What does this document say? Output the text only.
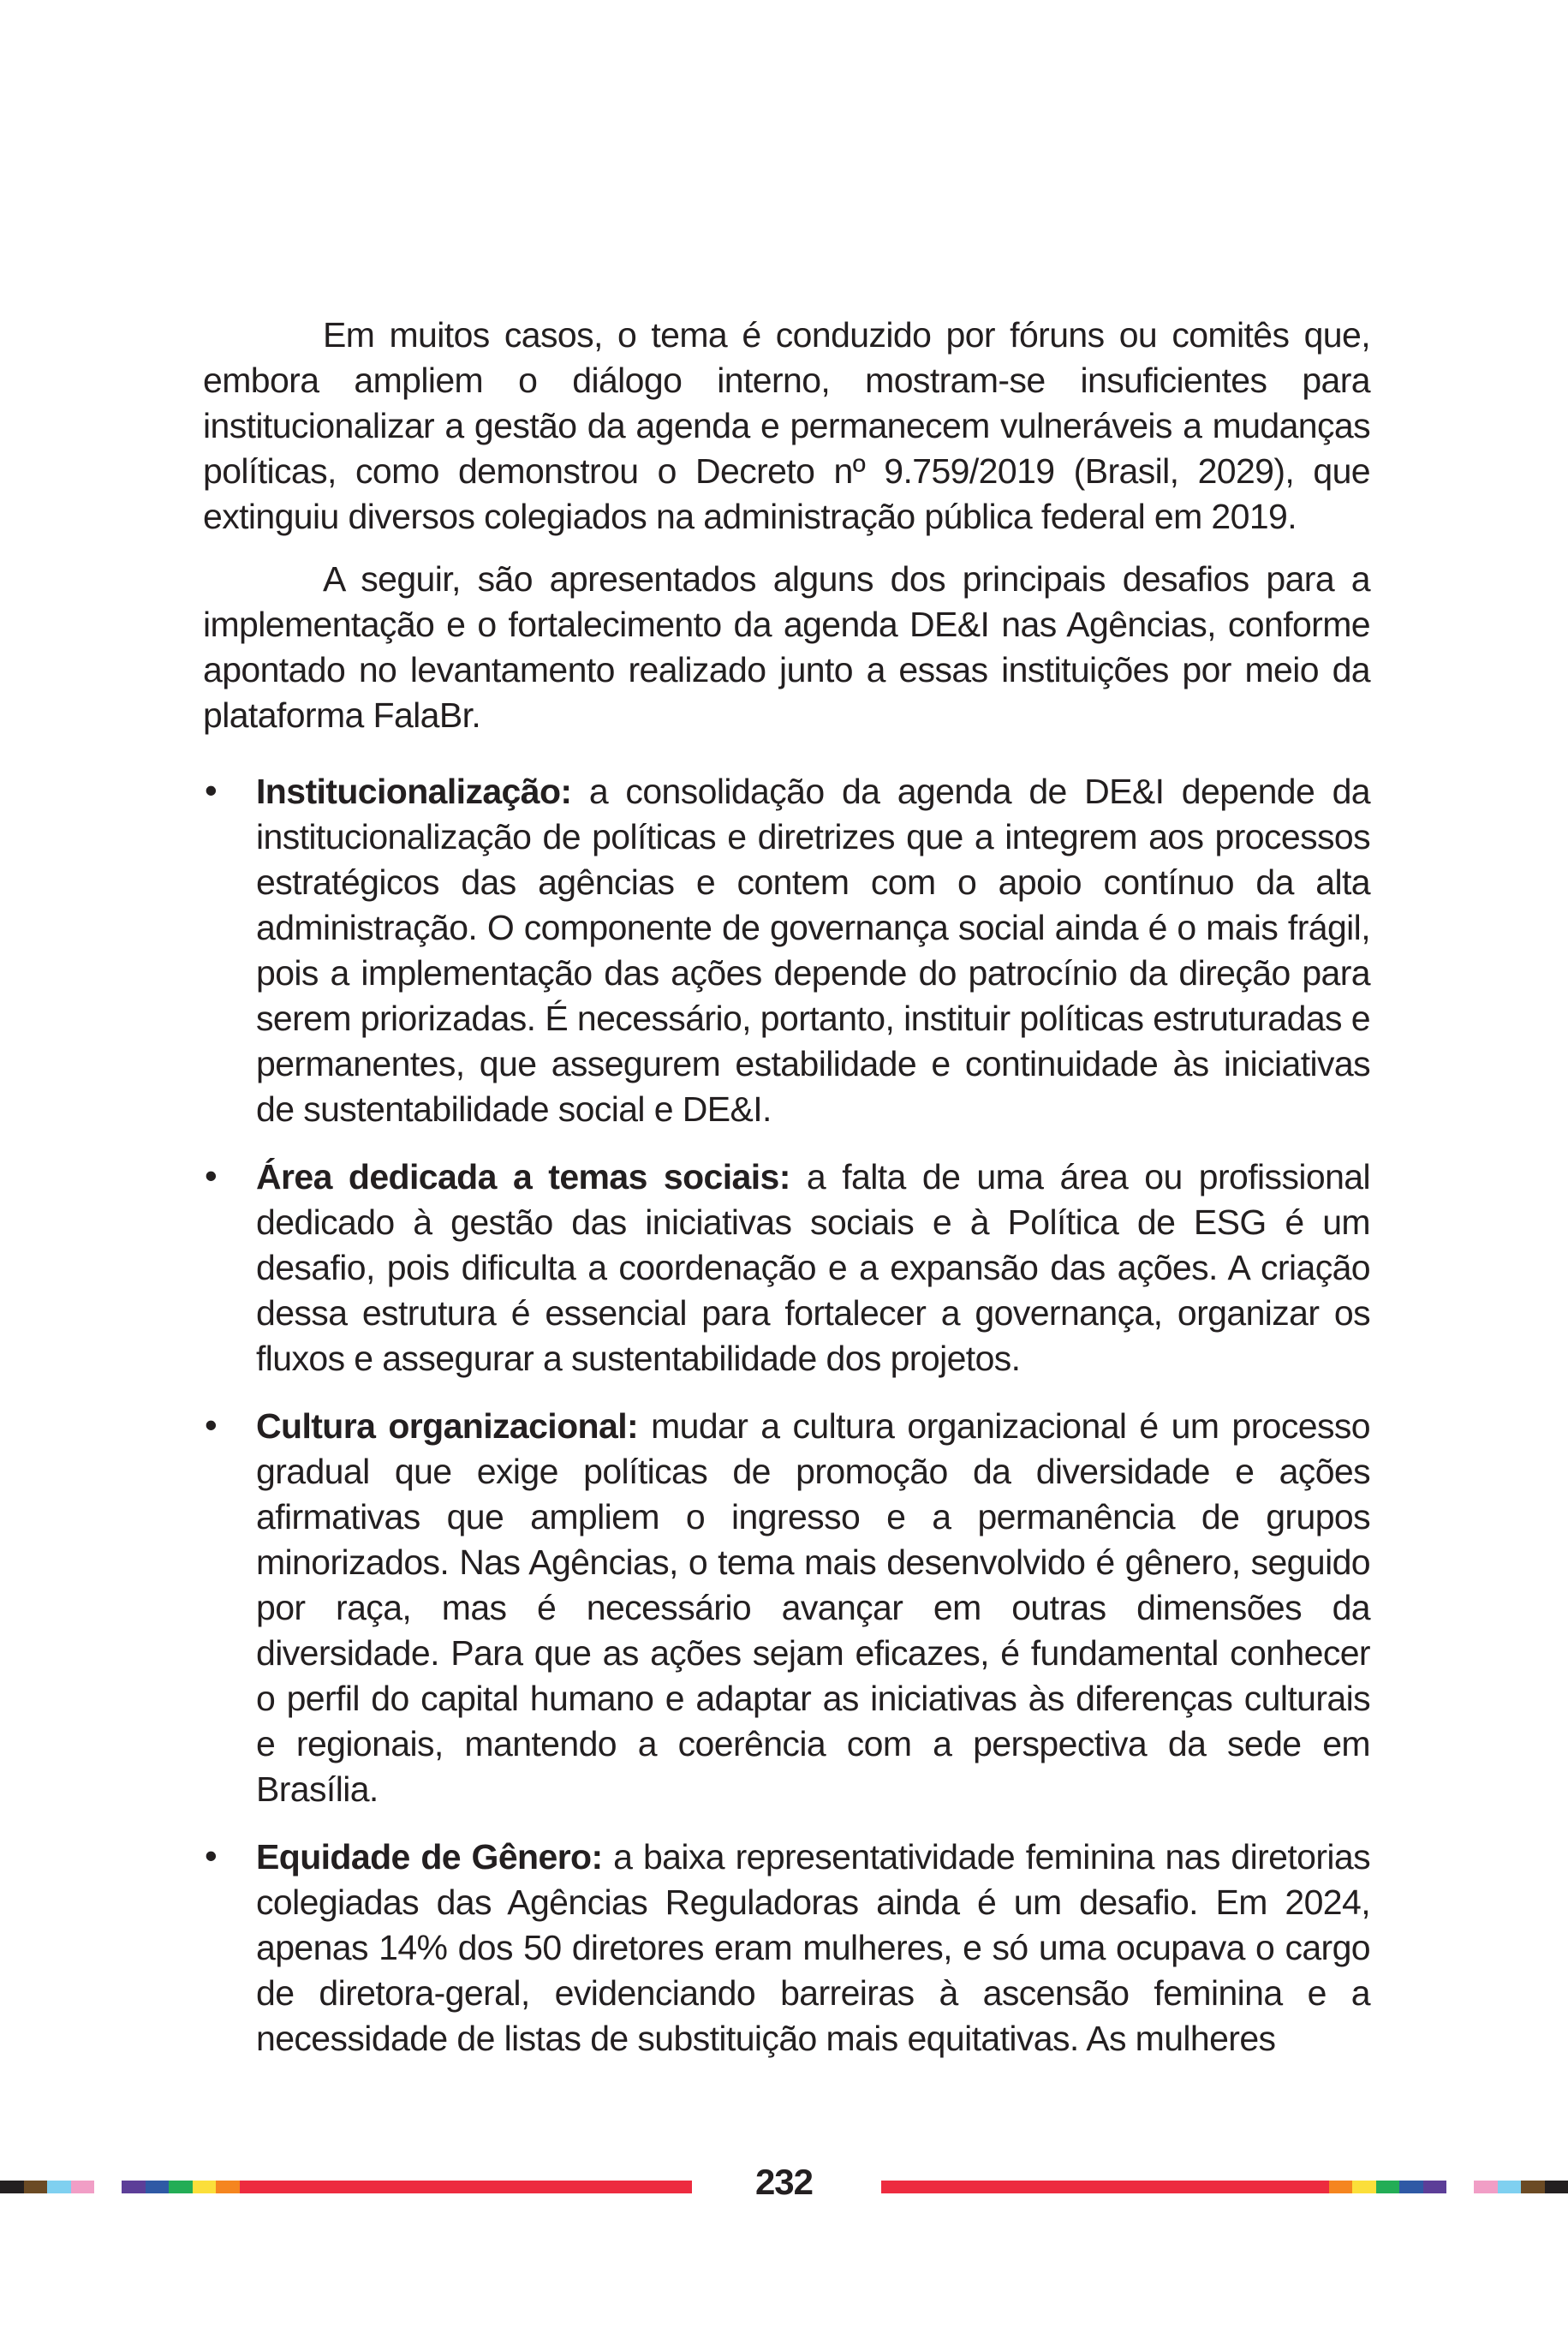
Em muitos casos, o tema é conduzido por fóruns ou comitês que, embora ampliem o diálogo interno, mostram-se insuficientes para institucionalizar a gestão da agenda e permanecem vulneráveis a mudanças políticas, como demonstrou o Decreto nº 9.759/2019 (Brasil, 2029), que extinguiu diversos colegiados na administração pública federal em 2019.

A seguir, são apresentados alguns dos principais desafios para a implementação e o fortalecimento da agenda DE&I nas Agências, conforme apontado no levantamento realizado junto a essas instituições por meio da plataforma FalaBr.

• Institucionalização: a consolidação da agenda de DE&I depende da institucionalização de políticas e diretrizes que a integrem aos processos estratégicos das agências e contem com o apoio contínuo da alta administração. O componente de governança social ainda é o mais frágil, pois a implementação das ações depende do patrocínio da direção para serem priorizadas. É necessário, portanto, instituir políticas estruturadas e permanentes, que assegurem estabilidade e continuidade às iniciativas de sustentabilidade social e DE&I.
• Área dedicada a temas sociais: a falta de uma área ou profissional dedicado à gestão das iniciativas sociais e à Política de ESG é um desafio, pois dificulta a coordenação e a expansão das ações. A criação dessa estrutura é essencial para fortalecer a governança, organizar os fluxos e assegurar a sustentabilidade dos projetos.
• Cultura organizacional: mudar a cultura organizacional é um processo gradual que exige políticas de promoção da diversidade e ações afirmativas que ampliem o ingresso e a permanência de grupos minorizados. Nas Agências, o tema mais desenvolvido é gênero, seguido por raça, mas é necessário avançar em outras dimensões da diversidade. Para que as ações sejam eficazes, é fundamental conhecer o perfil do capital humano e adaptar as iniciativas às diferenças culturais e regionais, mantendo a coerência com a perspectiva da sede em Brasília.
• Equidade de Gênero: a baixa representatividade feminina nas diretorias colegiadas das Agências Reguladoras ainda é um desafio. Em 2024, apenas 14% dos 50 diretores eram mulheres, e só uma ocupava o cargo de diretora-geral, evidenciando barreiras à ascensão feminina e a necessidade de listas de substituição mais equitativas. As mulheres
232
